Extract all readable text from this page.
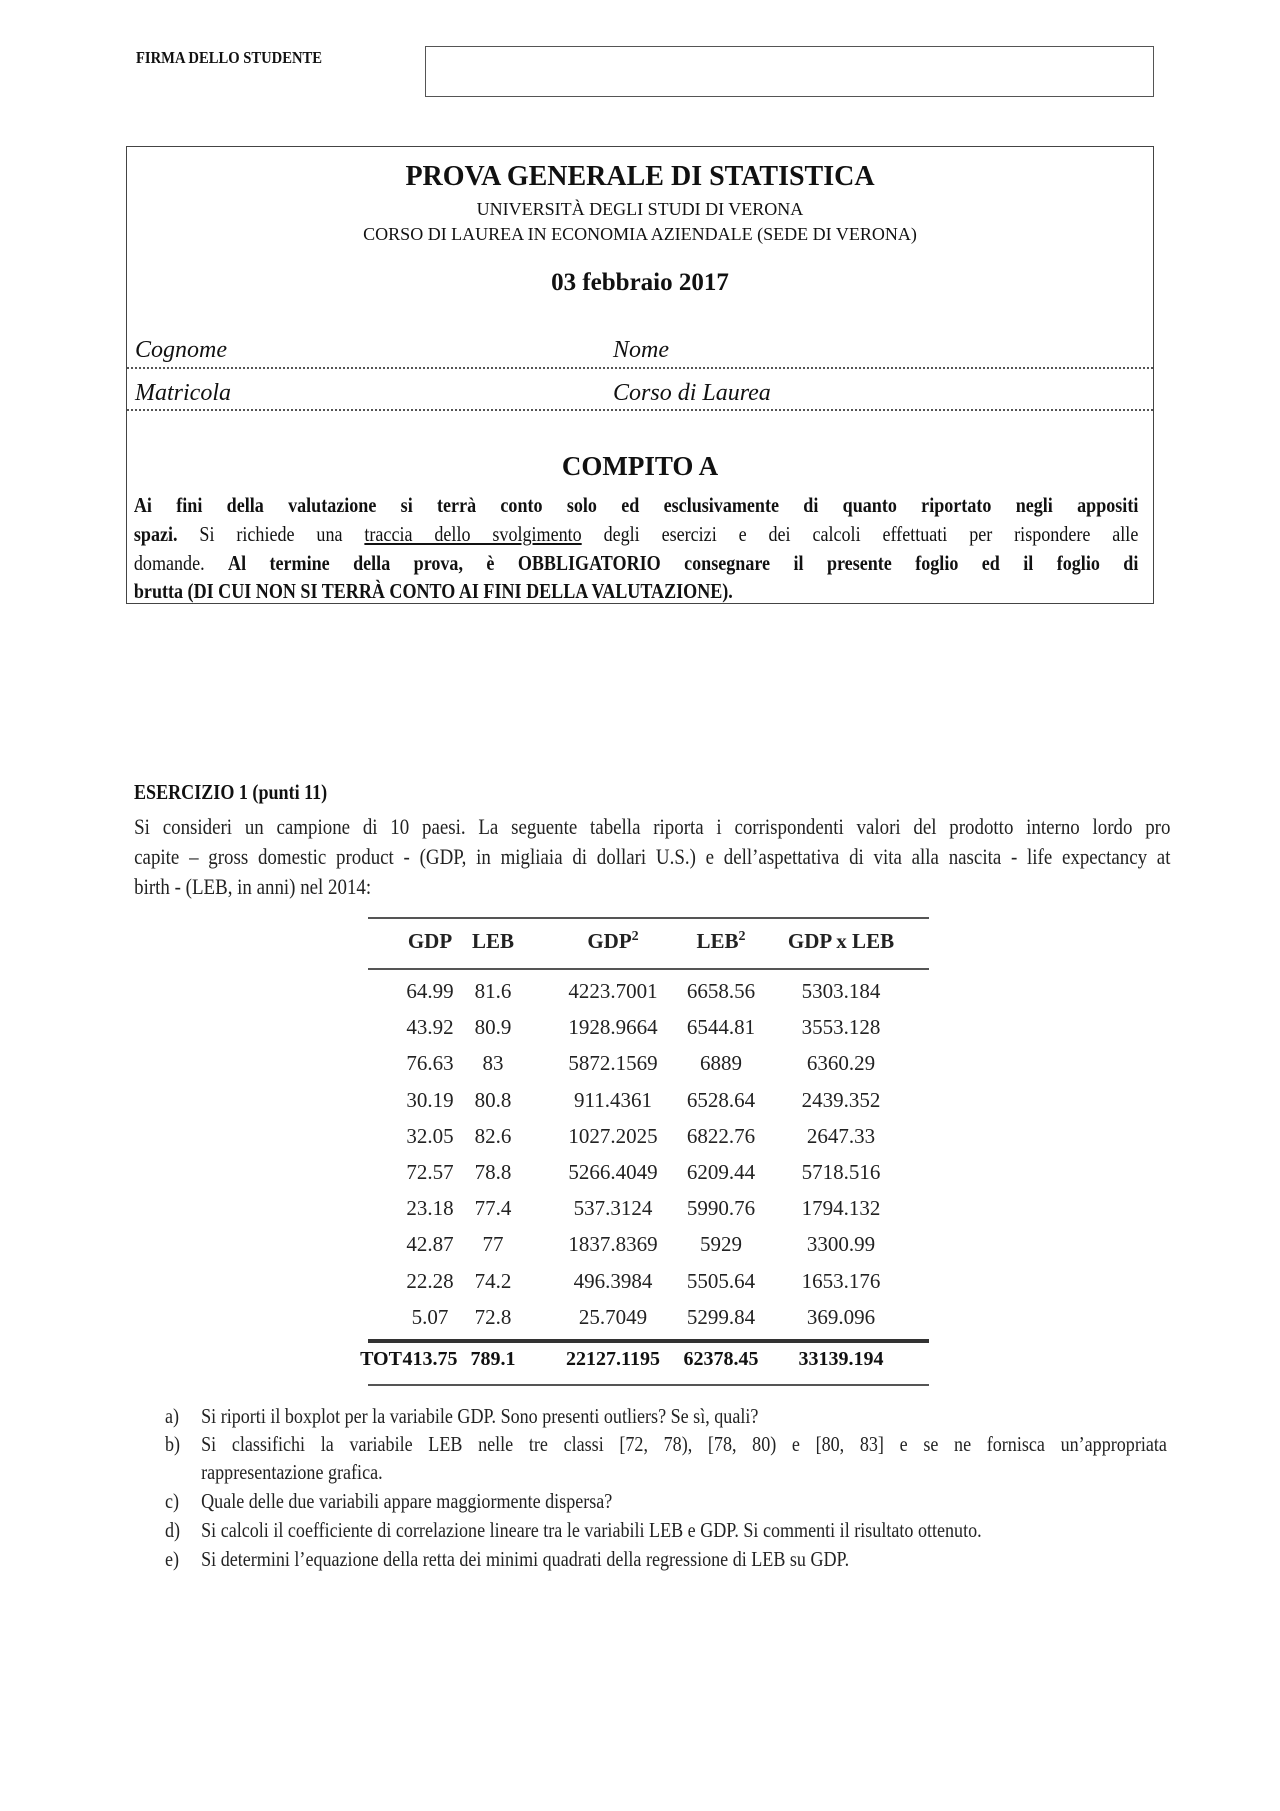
FIRMA DELLO STUDENTE
PROVA GENERALE DI STATISTICA
UNIVERSITÀ DEGLI STUDI DI VERONA
CORSO DI LAUREA IN ECONOMIA AZIENDALE (SEDE DI VERONA)
03 febbraio 2017
Cognome	Nome
Matricola	Corso di Laurea
COMPITO A
Ai fini della valutazione si terrà conto solo ed esclusivamente di quanto riportato negli appositi
spazi. Si richiede una traccia dello svolgimento degli esercizi e dei calcoli effettuati per rispondere alle
domande. Al termine della prova, è OBBLIGATORIO consegnare il presente foglio ed il foglio di
brutta (DI CUI NON SI TERRÀ CONTO AI FINI DELLA VALUTAZIONE).
ESERCIZIO 1 (punti 11)
Si consideri un campione di 10 paesi. La seguente tabella riporta i corrispondenti valori del prodotto interno lordo pro
capite – gross domestic product - (GDP, in migliaia di dollari U.S.) e dell’aspettativa di vita alla nascita - life expectancy at
birth - (LEB, in anni) nel 2014:
GDP LEB	GDP$^2$	LEB$^2$	GDP x LEB
64.99	81.6	4223.7001	6658.56	5303.184
43.92	80.9	1928.9664	6544.81	3553.128
76.63	83	5872.1569	6889	6360.29
30.19	80.8	911.4361	6528.64	2439.352
32.05	82.6	1027.2025	6822.76	2647.33
72.57	78.8	5266.4049	6209.44	5718.516
23.18	77.4	537.3124	5990.76	1794.132
42.87	77	1837.8369	5929	3300.99
22.28	74.2	496.3984	5505.64	1653.176
5.07	72.8	25.7049	5299.84	369.096
TOT 413.75 789.1	22127.1195	62378.45	33139.194
a) Si riporti il boxplot per la variabile GDP. Sono presenti outliers? Se sì, quali?
b) Si classifichi la variabile LEB nelle tre classi [72, 78), [78, 80) e [80, 83] e se ne fornisca un’appropriata
rappresentazione grafica.
c) Quale delle due variabili appare maggiormente dispersa?
d) Si calcoli il coefficiente di correlazione lineare tra le variabili LEB e GDP. Si commenti il risultato ottenuto.
e) Si determini l’equazione della retta dei minimi quadrati della regressione di LEB su GDP.
